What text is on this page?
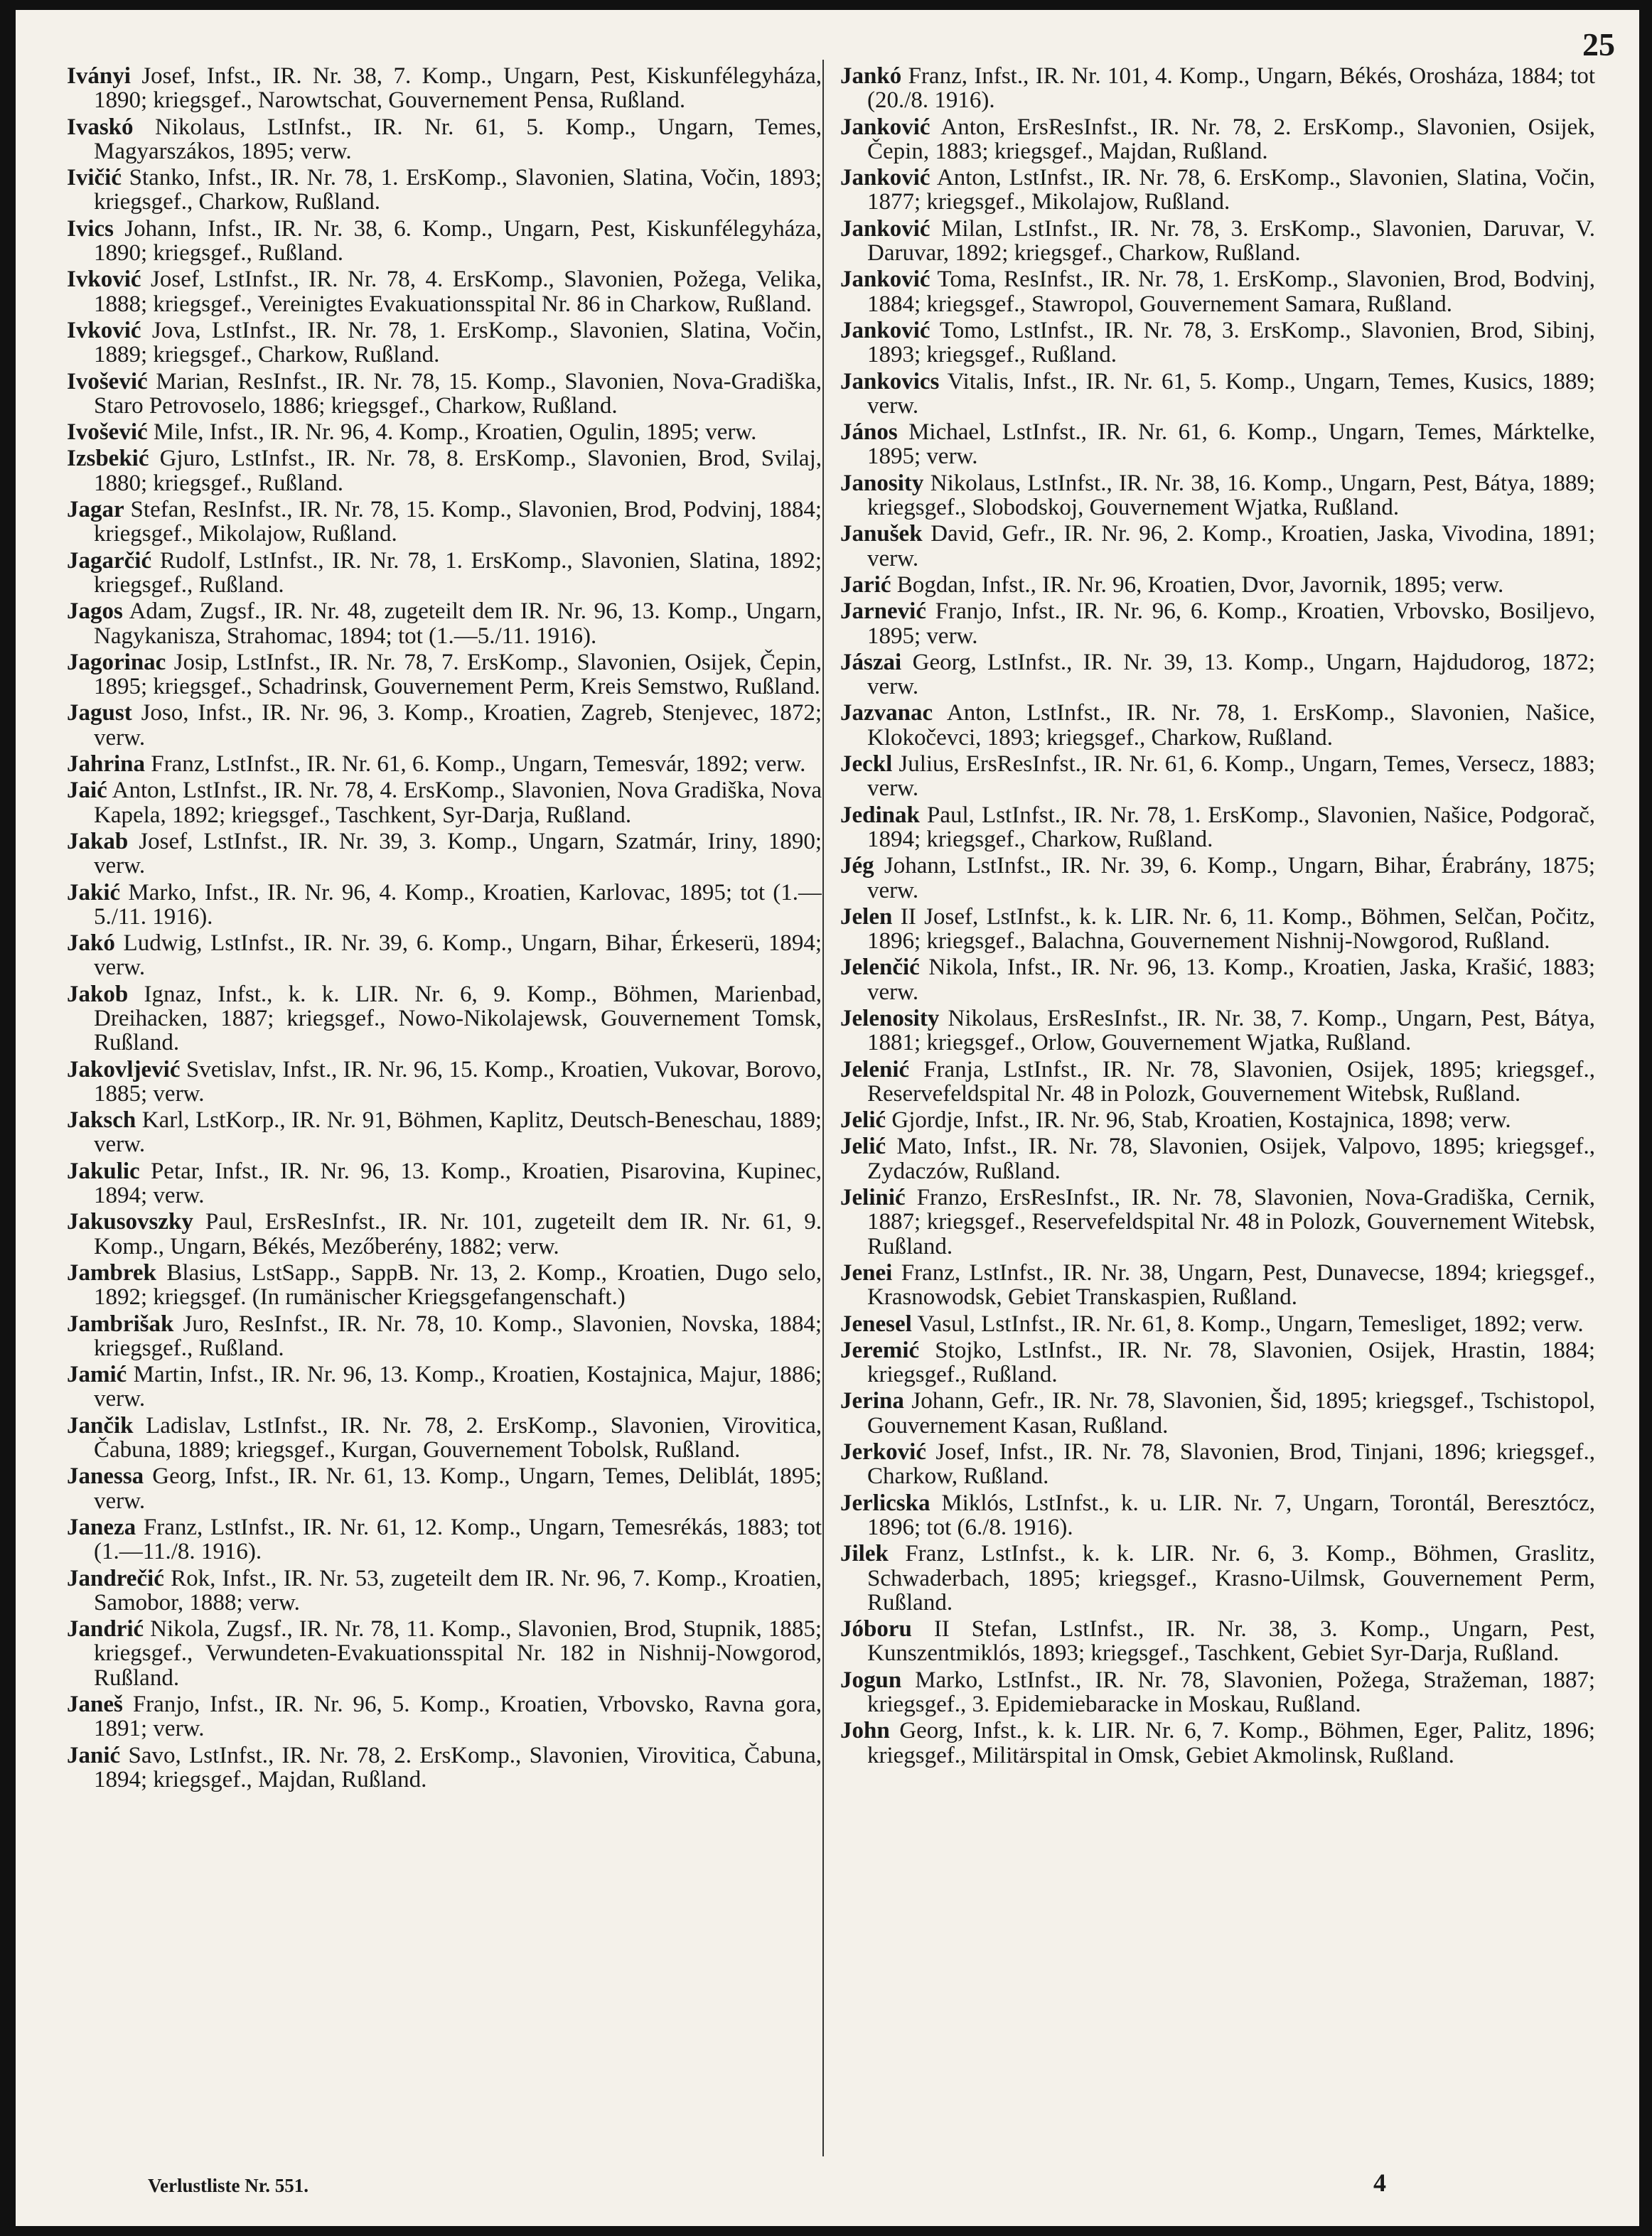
25

Iványi Josef, Infst., IR. Nr. 38, 7. Komp., Ungarn, Pest, Kiskunfélegyháza, 1890; kriegsgef., Narowtschat, Gouvernement Pensa, Rußland.

Ivaskó Nikolaus, LstInfst., IR. Nr. 61, 5. Komp., Ungarn, Temes, Magyarszákos, 1895; verw.

Ivičić Stanko, Infst., IR. Nr. 78, 1. ErsKomp., Slavonien, Slatina, Vočin, 1893; kriegsgef., Charkow, Rußland.

Ivics Johann, Infst., IR. Nr. 38, 6. Komp., Ungarn, Pest, Kiskunfélegyháza, 1890; kriegsgef., Rußland.

Ivković Josef, LstInfst., IR. Nr. 78, 4. ErsKomp., Slavonien, Požega, Velika, 1888; kriegsgef., Vereinigtes Evakuationsspital Nr. 86 in Charkow, Rußland.

Ivković Jova, LstInfst., IR. Nr. 78, 1. ErsKomp., Slavonien, Slatina, Vočin, 1889; kriegsgef., Charkow, Rußland.

Ivošević Marian, ResInfst., IR. Nr. 78, 15. Komp., Slavonien, Nova-Gradiška, Staro Petrovoselo, 1886; kriegsgef., Charkow, Rußland.

Ivošević Mile, Infst., IR. Nr. 96, 4. Komp., Kroatien, Ogulin, 1895; verw.

Izsbekić Gjuro, LstInfst., IR. Nr. 78, 8. ErsKomp., Slavonien, Brod, Svilaj, 1880; kriegsgef., Rußland.

Jagar Stefan, ResInfst., IR. Nr. 78, 15. Komp., Slavonien, Brod, Podvinj, 1884; kriegsgef., Mikolajow, Rußland.

Jagarčić Rudolf, LstInfst., IR. Nr. 78, 1. ErsKomp., Slavonien, Slatina, 1892; kriegsgef., Rußland.

Jagos Adam, Zugsf., IR. Nr. 48, zugeteilt dem IR. Nr. 96, 13. Komp., Ungarn, Nagykanisza, Strahomac, 1894; tot (1.—5./11. 1916).

Jagorinac Josip, LstInfst., IR. Nr. 78, 7. ErsKomp., Slavonien, Osijek, Čepin, 1895; kriegsgef., Schadrinsk, Gouvernement Perm, Kreis Semstwo, Rußland.

Jagust Joso, Infst., IR. Nr. 96, 3. Komp., Kroatien, Zagreb, Stenjevec, 1872; verw.

Jahrina Franz, LstInfst., IR. Nr. 61, 6. Komp., Ungarn, Temesvár, 1892; verw.

Jaić Anton, LstInfst., IR. Nr. 78, 4. ErsKomp., Slavonien, Nova Gradiška, Nova Kapela, 1892; kriegsgef., Taschkent, Syr-Darja, Rußland.

Jakab Josef, LstInfst., IR. Nr. 39, 3. Komp., Ungarn, Szatmár, Iriny, 1890; verw.

Jakić Marko, Infst., IR. Nr. 96, 4. Komp., Kroatien, Karlovac, 1895; tot (1.—5./11. 1916).

Jakó Ludwig, LstInfst., IR. Nr. 39, 6. Komp., Ungarn, Bihar, Érkeserü, 1894; verw.

Jakob Ignaz, Infst., k. k. LIR. Nr. 6, 9. Komp., Böhmen, Marienbad, Dreihacken, 1887; kriegsgef., Nowo-Nikolajewsk, Gouvernement Tomsk, Rußland.

Jakovljević Svetislav, Infst., IR. Nr. 96, 15. Komp., Kroatien, Vukovar, Borovo, 1885; verw.

Jaksch Karl, LstKorp., IR. Nr. 91, Böhmen, Kaplitz, Deutsch-Beneschau, 1889; verw.

Jakulic Petar, Infst., IR. Nr. 96, 13. Komp., Kroatien, Pisarovina, Kupinec, 1894; verw.

Jakusovszky Paul, ErsResInfst., IR. Nr. 101, zugeteilt dem IR. Nr. 61, 9. Komp., Ungarn, Békés, Mezőberény, 1882; verw.

Jambrek Blasius, LstSapp., SappB. Nr. 13, 2. Komp., Kroatien, Dugo selo, 1892; kriegsgef. (In rumänischer Kriegsgefangenschaft.)

Jambrišak Juro, ResInfst., IR. Nr. 78, 10. Komp., Slavonien, Novska, 1884; kriegsgef., Rußland.

Jamić Martin, Infst., IR. Nr. 96, 13. Komp., Kroatien, Kostajnica, Majur, 1886; verw.

Jančik Ladislav, LstInfst., IR. Nr. 78, 2. ErsKomp., Slavonien, Virovitica, Čabuna, 1889; kriegsgef., Kurgan, Gouvernement Tobolsk, Rußland.

Janessa Georg, Infst., IR. Nr. 61, 13. Komp., Ungarn, Temes, Deliblát, 1895; verw.

Janeza Franz, LstInfst., IR. Nr. 61, 12. Komp., Ungarn, Temesrékás, 1883; tot (1.—11./8. 1916).

Jandrečić Rok, Infst., IR. Nr. 53, zugeteilt dem IR. Nr. 96, 7. Komp., Kroatien, Samobor, 1888; verw.

Jandrić Nikola, Zugsf., IR. Nr. 78, 11. Komp., Slavonien, Brod, Stupnik, 1885; kriegsgef., Verwundeten-Evakuationsspital Nr. 182 in Nishnij-Nowgorod, Rußland.

Janeš Franjo, Infst., IR. Nr. 96, 5. Komp., Kroatien, Vrbovsko, Ravna gora, 1891; verw.

Janić Savo, LstInfst., IR. Nr. 78, 2. ErsKomp., Slavonien, Virovitica, Čabuna, 1894; kriegsgef., Majdan, Rußland.

Jankó Franz, Infst., IR. Nr. 101, 4. Komp., Ungarn, Békés, Orosháza, 1884; tot (20./8. 1916).

Janković Anton, ErsResInfst., IR. Nr. 78, 2. ErsKomp., Slavonien, Osijek, Čepin, 1883; kriegsgef., Majdan, Rußland.

Janković Anton, LstInfst., IR. Nr. 78, 6. ErsKomp., Slavonien, Slatina, Vočin, 1877; kriegsgef., Mikolajow, Rußland.

Janković Milan, LstInfst., IR. Nr. 78, 3. ErsKomp., Slavonien, Daruvar, V. Daruvar, 1892; kriegsgef., Charkow, Rußland.

Janković Toma, ResInfst., IR. Nr. 78, 1. ErsKomp., Slavonien, Brod, Bodvinj, 1884; kriegsgef., Stawropol, Gouvernement Samara, Rußland.

Janković Tomo, LstInfst., IR. Nr. 78, 3. ErsKomp., Slavonien, Brod, Sibinj, 1893; kriegsgef., Rußland.

Jankovics Vitalis, Infst., IR. Nr. 61, 5. Komp., Ungarn, Temes, Kusics, 1889; verw.

János Michael, LstInfst., IR. Nr. 61, 6. Komp., Ungarn, Temes, Márktelke, 1895; verw.

Janosity Nikolaus, LstInfst., IR. Nr. 38, 16. Komp., Ungarn, Pest, Bátya, 1889; kriegsgef., Slobodskoj, Gouvernement Wjatka, Rußland.

Janušek David, Gefr., IR. Nr. 96, 2. Komp., Kroatien, Jaska, Vivodina, 1891; verw.

Jarić Bogdan, Infst., IR. Nr. 96, Kroatien, Dvor, Javornik, 1895; verw.

Jarnević Franjo, Infst., IR. Nr. 96, 6. Komp., Kroatien, Vrbovsko, Bosiljevo, 1895; verw.

Jászai Georg, LstInfst., IR. Nr. 39, 13. Komp., Ungarn, Hajdudorog, 1872; verw.

Jazvanac Anton, LstInfst., IR. Nr. 78, 1. ErsKomp., Slavonien, Našice, Klokočevci, 1893; kriegsgef., Charkow, Rußland.

Jeckl Julius, ErsResInfst., IR. Nr. 61, 6. Komp., Ungarn, Temes, Versecz, 1883; verw.

Jedinak Paul, LstInfst., IR. Nr. 78, 1. ErsKomp., Slavonien, Našice, Podgorač, 1894; kriegsgef., Charkow, Rußland.

Jég Johann, LstInfst., IR. Nr. 39, 6. Komp., Ungarn, Bihar, Érabrány, 1875; verw.

Jelen II Josef, LstInfst., k. k. LIR. Nr. 6, 11. Komp., Böhmen, Selčan, Počitz, 1896; kriegsgef., Balachna, Gouvernement Nishnij-Nowgorod, Rußland.

Jelenčić Nikola, Infst., IR. Nr. 96, 13. Komp., Kroatien, Jaska, Krašić, 1883; verw.

Jelenosity Nikolaus, ErsResInfst., IR. Nr. 38, 7. Komp., Ungarn, Pest, Bátya, 1881; kriegsgef., Orlow, Gouvernement Wjatka, Rußland.

Jelenić Franja, LstInfst., IR. Nr. 78, Slavonien, Osijek, 1895; kriegsgef., Reservefeldspital Nr. 48 in Polozk, Gouvernement Witebsk, Rußland.

Jelić Gjordje, Infst., IR. Nr. 96, Stab, Kroatien, Kostajnica, 1898; verw.

Jelić Mato, Infst., IR. Nr. 78, Slavonien, Osijek, Valpovo, 1895; kriegsgef., Zydaczów, Rußland.

Jelinić Franzo, ErsResInfst., IR. Nr. 78, Slavonien, Nova-Gradiška, Cernik, 1887; kriegsgef., Reservefeldspital Nr. 48 in Polozk, Gouvernement Witebsk, Rußland.

Jenei Franz, LstInfst., IR. Nr. 38, Ungarn, Pest, Dunavecse, 1894; kriegsgef., Krasnowodsk, Gebiet Transkaspien, Rußland.

Jenesel Vasul, LstInfst., IR. Nr. 61, 8. Komp., Ungarn, Temesliget, 1892; verw.

Jeremić Stojko, LstInfst., IR. Nr. 78, Slavonien, Osijek, Hrastin, 1884; kriegsgef., Rußland.

Jerina Johann, Gefr., IR. Nr. 78, Slavonien, Šid, 1895; kriegsgef., Tschistopol, Gouvernement Kasan, Rußland.

Jerković Josef, Infst., IR. Nr. 78, Slavonien, Brod, Tinjani, 1896; kriegsgef., Charkow, Rußland.

Jerlicska Miklós, LstInfst., k. u. LIR. Nr. 7, Ungarn, Torontál, Beresztócz, 1896; tot (6./8. 1916).

Jilek Franz, LstInfst., k. k. LIR. Nr. 6, 3. Komp., Böhmen, Graslitz, Schwaderbach, 1895; kriegsgef., Krasno-Uilmsk, Gouvernement Perm, Rußland.

Jóboru II Stefan, LstInfst., IR. Nr. 38, 3. Komp., Ungarn, Pest, Kunszentmiklós, 1893; kriegsgef., Taschkent, Gebiet Syr-Darja, Rußland.

Jogun Marko, LstInfst., IR. Nr. 78, Slavonien, Požega, Stražeman, 1887; kriegsgef., 3. Epidemiebaracke in Moskau, Rußland.

John Georg, Infst., k. k. LIR. Nr. 6, 7. Komp., Böhmen, Eger, Palitz, 1896; kriegsgef., Militärspital in Omsk, Gebiet Akmolinsk, Rußland.

Verlustliste Nr. 551.	4
